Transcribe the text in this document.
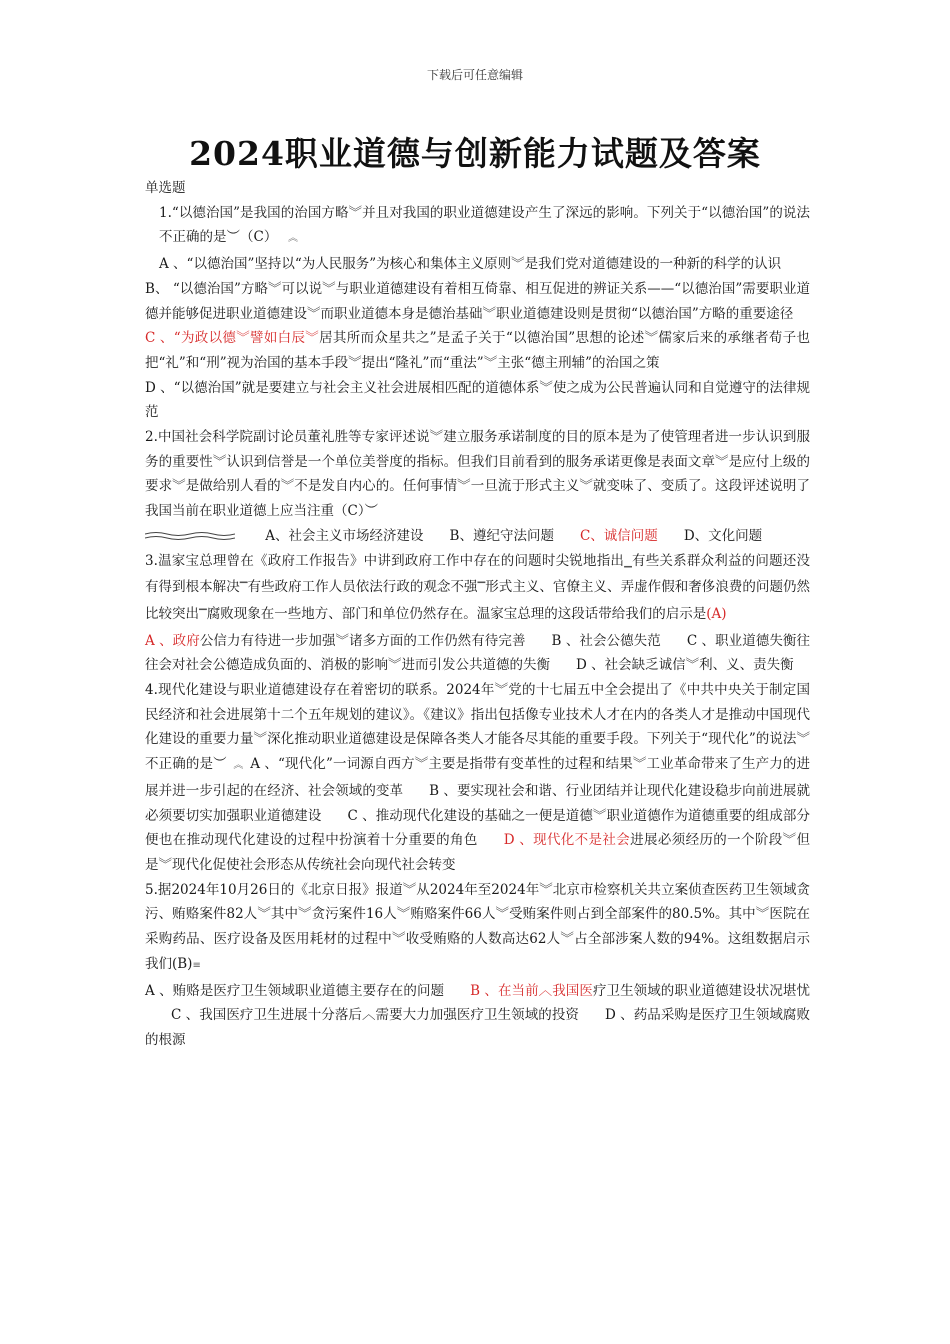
下载后可任意编辑
2024职业道德与创新能力试题及答案

单选题

1.“以德治国”是我国的治国方略︾并且对我国的职业道德建设产生了深远的影响。下列关于“以德治国”的说法不正确的是︶（C）   ︽

A 、“以德治国”坚持以“为人民服务”为核心和集体主义原则︾是我们党对道德建设的一种新的科学的认识

B、 “以德治国”方略︾可以说︾与职业道德建设有着相互倚靠、相互促进的辨证关系——“以德治国”需要职业道德并能够促进职业道德建设︾而职业道德本身是德治基础︾职业道德建设则是贯彻“以德治国”方略的重要途径

C 、“为政以德︾譬如白辰︾居其所而众星共之”是孟子关于“以德治国”思想的论述︾儒家后来的承继者荀子也把“礼”和“刑”视为治国的基本手段︾提出“隆礼”而“重法”︾主张“德主刑辅”的治国之策

D 、“以德治国”就是要建立与社会主义社会进展相匹配的道德体系︾使之成为公民普遍认同和自觉遵守的法律规范

2.中国社会科学院副讨论员董礼胜等专家评述说︾建立服务承诺制度的目的原本是为了使管理者进一步认识到服务的重要性︾认识到信誉是一个单位美誉度的指标。但我们目前看到的服务承诺更像是表面文章︾是应付上级的要求︾是做给别人看的︾不是发自内心的。任何事情︾一旦流于形式主义︾就变味了、变质了。这段评述说明了我国当前在职业道德上应当注重（C）︶

A、社会主义市场经济建设 B、遵纪守法问题 C、诚信问题 D、文化问题

3.温家宝总理曾在《政府工作报告》中讲到政府工作中存在的问题时尖锐地指出▁有些关系群众利益的问题还没有得到根本解决▔有些政府工作人员依法行政的观念不强▔形式主义、官僚主义、弄虚作假和奢侈浪费的问题仍然比较突出▔腐败现象在一些地方、部门和单位仍然存在。温家宝总理的这段话带给我们的启示是(A)

A 、政府公信力有待进一步加强︾诸多方面的工作仍然有待完善 B 、社会公德失范 C 、职业道德失衡往往会对社会公德造成负面的、消极的影响︾进而引发公共道德的失衡 D 、社会缺乏诚信︾利、义、责失衡

4.现代化建设与职业道德建设存在着密切的联系。2024年︾党的十七届五中全会提出了《中共中央关于制定国民经济和社会进展第十二个五年规划的建议》。《建议》指出包括像专业技术人才在内的各类人才是推动中国现代化建设的重要力量︾深化推动职业道德建设是保障各类人才能各尽其能的重要手段。下列关于“现代化”的说法︾不正确的是︶  ︽  A 、“现代化”一词源自西方︾主要是指带有变革性的过程和结果︾工业革命带来了生产力的进展并进一步引起的在经济、社会领域的变革 B 、要实现社会和谐、行业团结并让现代化建设稳步向前进展就必须要切实加强职业道德建设 C 、推动现代化建设的基础之一便是道德︾职业道德作为道德重要的组成部分便也在推动现代化建设的过程中扮演着十分重要的角色 D 、现代化不是社会进展必须经历的一个阶段︾但是︾现代化促使社会形态从传统社会向现代社会转变

5.据2024年10月26日的《北京日报》报道︾从2024年至2024年︾北京市检察机关共立案侦查医药卫生领域贪污、贿赂案件82人︾其中︾贪污案件16人︾贿赂案件66人︾受贿案件则占到全部案件的80.5%。其中︾医院在采购药品、医疗设备及医用耗材的过程中︾收受贿赂的人数高达62人︾占全部涉案人数的94%。这组数据启示我们(B)≡

A 、贿赂是医疗卫生领域职业道德主要存在的问题 B 、在当前︿我国医疗卫生领域的职业道德建设状况堪忧C 、我国医疗卫生进展十分落后︿需要大力加强医疗卫生领域的投资 D 、药品采购是医疗卫生领域腐败的根源
